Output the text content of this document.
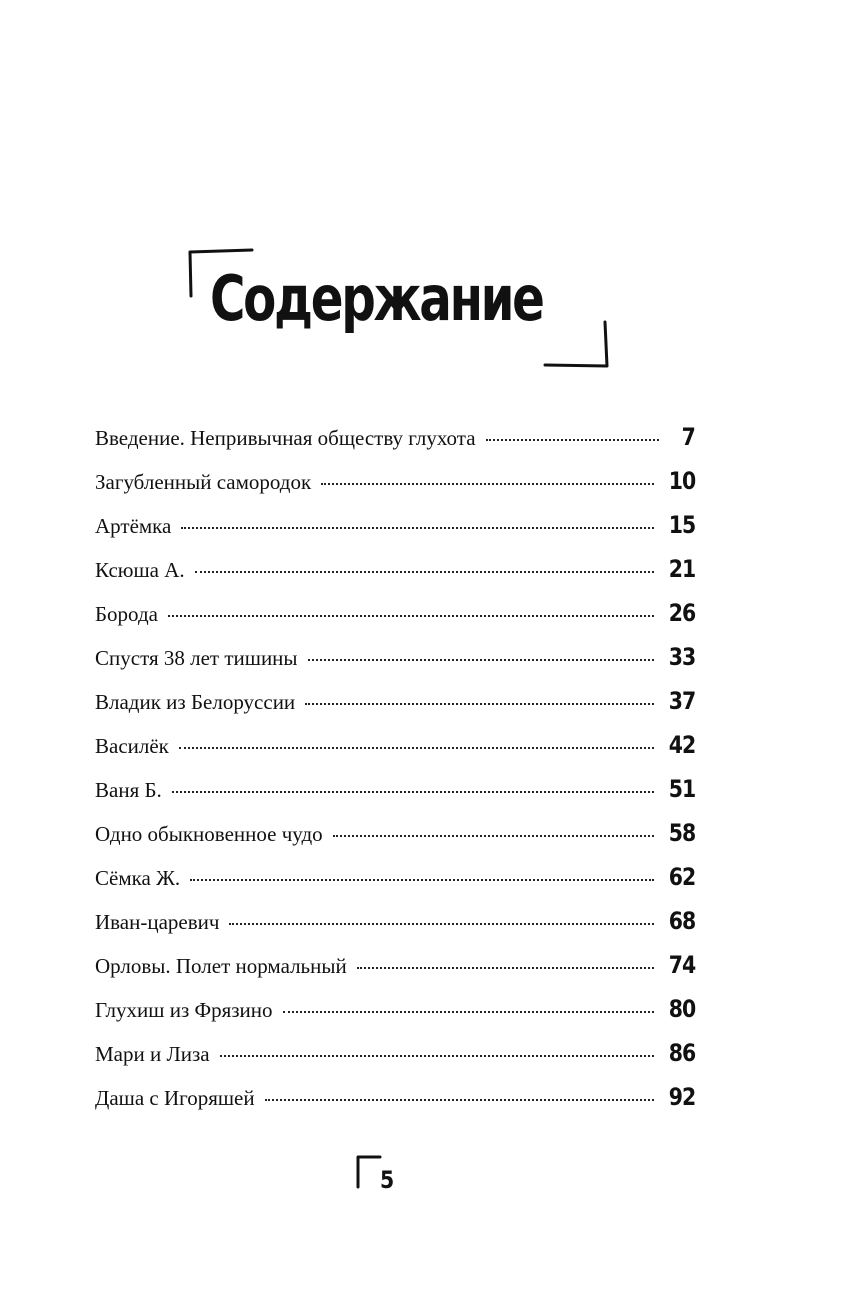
Содержание
Введение. Непривычная обществу глухота	7
Загубленный самородок	10
Артёмка	15
Ксюша А.	21
Борода	26
Спустя 38 лет тишины	33
Владик из Белоруссии	37
Василёк	42
Ваня Б.	51
Одно обыкновенное чудо	58
Сёмка Ж.	62
Иван-царевич	68
Орловы. Полет нормальный	74
Глухиш из Фрязино	80
Мари и Лиза	86
Даша с Игоряшей	92
5
